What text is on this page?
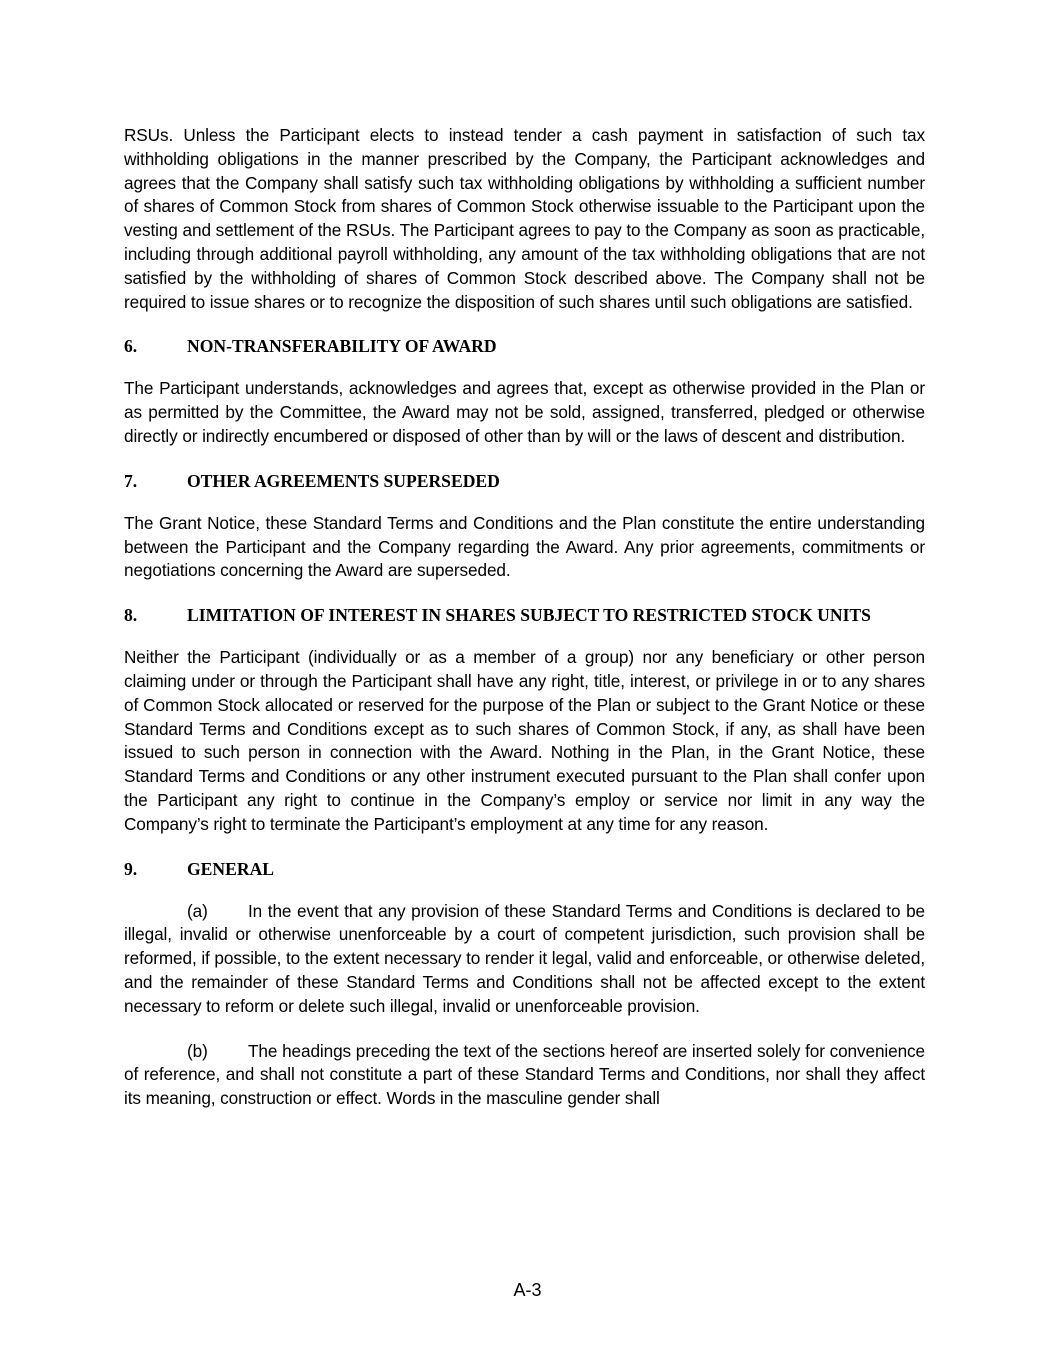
RSUs. Unless the Participant elects to instead tender a cash payment in satisfaction of such tax withholding obligations in the manner prescribed by the Company, the Participant acknowledges and agrees that the Company shall satisfy such tax withholding obligations by withholding a sufficient number of shares of Common Stock from shares of Common Stock otherwise issuable to the Participant upon the vesting and settlement of the RSUs. The Participant agrees to pay to the Company as soon as practicable, including through additional payroll withholding, any amount of the tax withholding obligations that are not satisfied by the withholding of shares of Common Stock described above. The Company shall not be required to issue shares or to recognize the disposition of such shares until such obligations are satisfied.

6.	NON-TRANSFERABILITY OF AWARD

The Participant understands, acknowledges and agrees that, except as otherwise provided in the Plan or as permitted by the Committee, the Award may not be sold, assigned, transferred, pledged or otherwise directly or indirectly encumbered or disposed of other than by will or the laws of descent and distribution.

7.	OTHER AGREEMENTS SUPERSEDED

The Grant Notice, these Standard Terms and Conditions and the Plan constitute the entire understanding between the Participant and the Company regarding the Award. Any prior agreements, commitments or negotiations concerning the Award are superseded.

8.	LIMITATION OF INTEREST IN SHARES SUBJECT TO RESTRICTED STOCK UNITS

Neither the Participant (individually or as a member of a group) nor any beneficiary or other person claiming under or through the Participant shall have any right, title, interest, or privilege in or to any shares of Common Stock allocated or reserved for the purpose of the Plan or subject to the Grant Notice or these Standard Terms and Conditions except as to such shares of Common Stock, if any, as shall have been issued to such person in connection with the Award. Nothing in the Plan, in the Grant Notice, these Standard Terms and Conditions or any other instrument executed pursuant to the Plan shall confer upon the Participant any right to continue in the Company’s employ or service nor limit in any way the Company’s right to terminate the Participant’s employment at any time for any reason.

9.	GENERAL

(a) In the event that any provision of these Standard Terms and Conditions is declared to be illegal, invalid or otherwise unenforceable by a court of competent jurisdiction, such provision shall be reformed, if possible, to the extent necessary to render it legal, valid and enforceable, or otherwise deleted, and the remainder of these Standard Terms and Conditions shall not be affected except to the extent necessary to reform or delete such illegal, invalid or unenforceable provision.

(b) The headings preceding the text of the sections hereof are inserted solely for convenience of reference, and shall not constitute a part of these Standard Terms and Conditions, nor shall they affect its meaning, construction or effect. Words in the masculine gender shall

A-3
